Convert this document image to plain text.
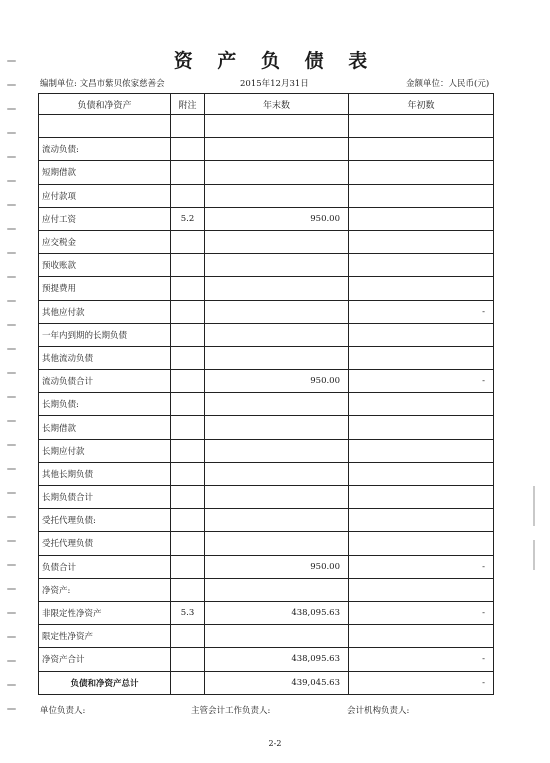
资 产 负 债 表
编制单位: 文昌市紫贝侬家慈善会	2015年12月31日	金额单位：人民币(元)
负债和净资产	附注	年末数	年初数

流动负债:			
短期借款			
应付款项			
应付工资	5.2	950.00	
应交税金			
预收账款			
预提费用			
其他应付款			-
一年内到期的长期负债			
其他流动负债			
流动负债合计		950.00	-
长期负债:			
长期借款			
长期应付款			
其他长期负债			
长期负债合计			
受托代理负债:			
受托代理负债			
负债合计		950.00	-
净资产:			
非限定性净资产	5.3	438,095.63	-
限定性净资产			
净资产合计		438,095.63	-
负债和净资产总计		439,045.63	-
单位负责人:	主管会计工作负责人:	会计机构负责人:
2-2
